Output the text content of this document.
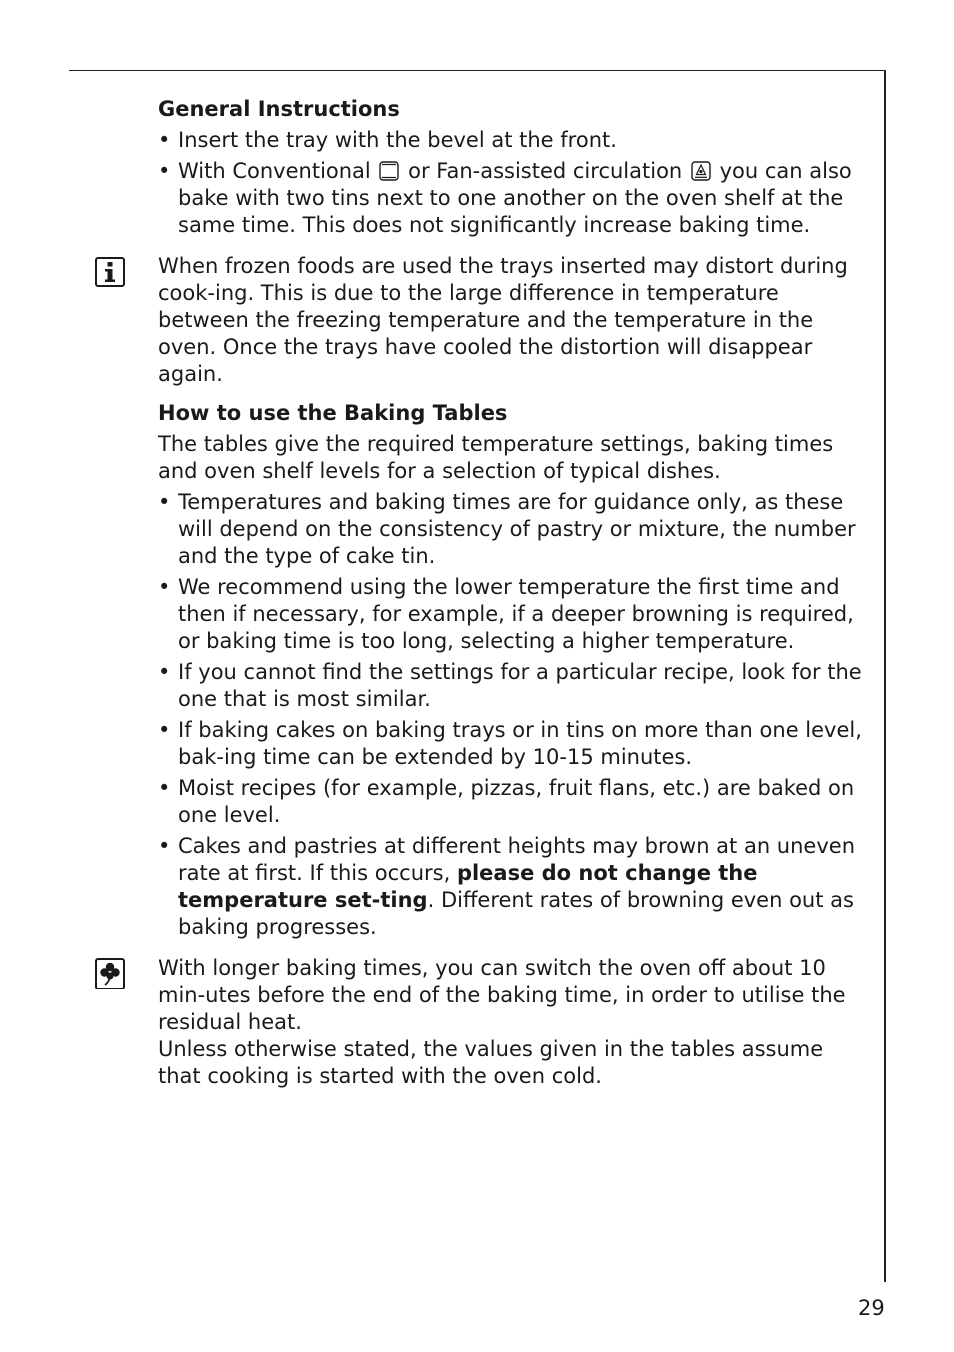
General Instructions

• Insert the tray with the bevel at the front.
• With Conventional or Fan-assisted circulation you can also bake with two tins next to one another on the oven shelf at the same time. This does not significantly increase baking time.

When frozen foods are used the trays inserted may distort during cook-ing. This is due to the large difference in temperature between the freezing temperature and the temperature in the oven. Once the trays have cooled the distortion will disappear again.

How to use the Baking Tables

The tables give the required temperature settings, baking times and oven shelf levels for a selection of typical dishes.

• Temperatures and baking times are for guidance only, as these will depend on the consistency of pastry or mixture, the number and the type of cake tin.
• We recommend using the lower temperature the first time and then if necessary, for example, if a deeper browning is required, or baking time is too long, selecting a higher temperature.
• If you cannot find the settings for a particular recipe, look for the one that is most similar.
• If baking cakes on baking trays or in tins on more than one level, bak-ing time can be extended by 10-15 minutes.
• Moist recipes (for example, pizzas, fruit flans, etc.) are baked on one level.
• Cakes and pastries at different heights may brown at an uneven rate at first. If this occurs, please do not change the temperature set-ting. Different rates of browning even out as baking progresses.

With longer baking times, you can switch the oven off about 10 min-utes before the end of the baking time, in order to utilise the residual heat.

Unless otherwise stated, the values given in the tables assume that cooking is started with the oven cold.

29
